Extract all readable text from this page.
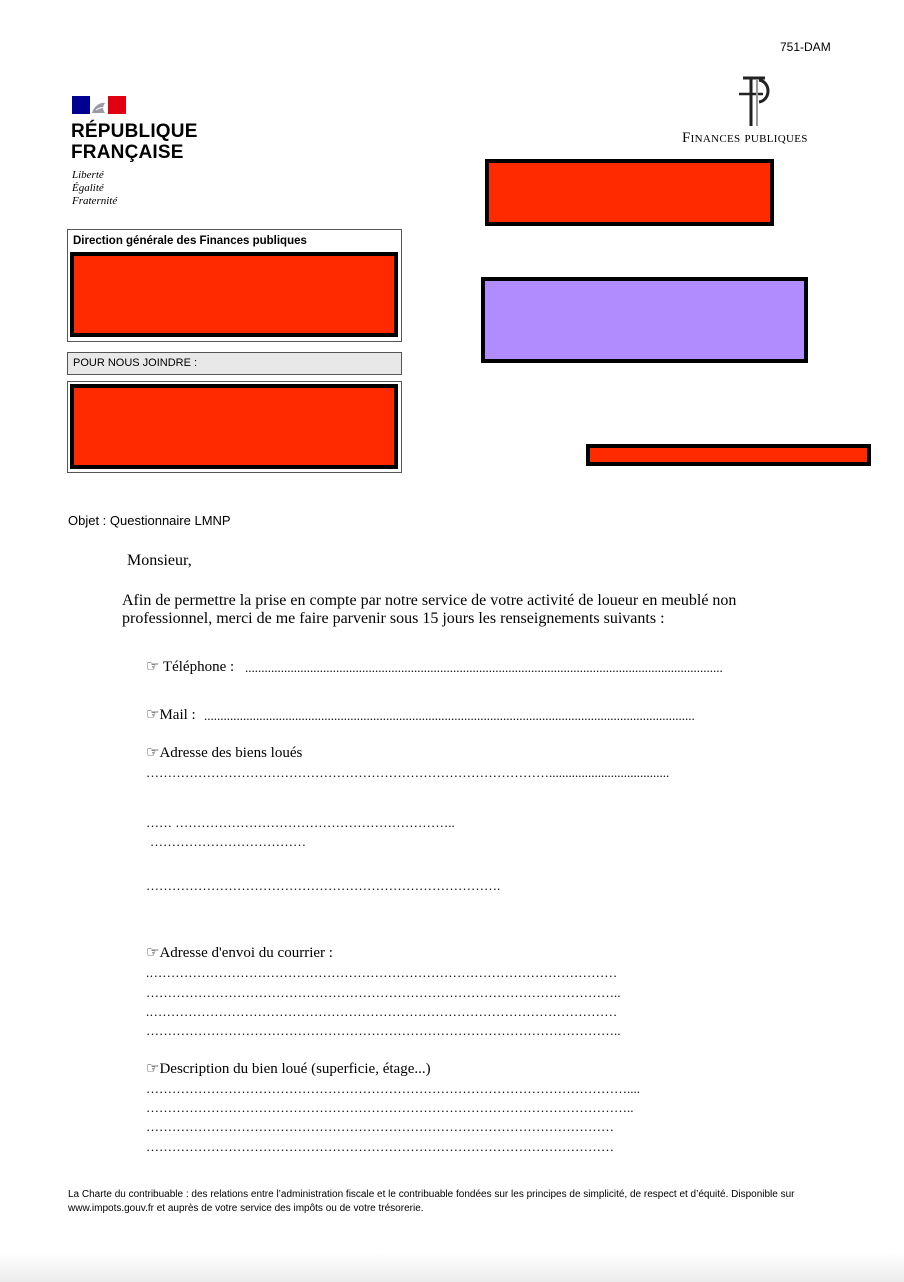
751-DAM
RÉPUBLIQUE
FRANÇAISE
Liberté
Égalité
Fraternité
Finances publiques
Direction générale des Finances publiques
POUR NOUS JOINDRE :
Objet : Questionnaire LMNP
Monsieur,
Afin de permettre la prise en compte par notre service de votre activité de loueur en meublé non
professionnel, merci de me faire parvenir sous 15 jours les renseignements suivants :
☞ Téléphone : ...................................................................................................................................................
☞Mail : .......................................................................................................................................................
☞Adresse des biens loués
………………………………………………………………………………….....................................
…… ………………………………………………………..
………………………………
……………………………………………………………………….
☞Adresse d'envoi du courrier :
.………………………………………………………………………………………………
………………………………………………………………………………………………..
.………………………………………………………………………………………………
………………………………………………………………………………………………..
☞Description du bien loué (superficie, étage...)
…………………………………………………………………………………………………....
…………………………………………………………………………………………………..
………………………………………………………………………………………………
………………………………………………………………………………………………
La Charte du contribuable : des relations entre l’administration fiscale et le contribuable fondées sur les principes de simplicité, de respect et d’équité. Disponible sur www.impots.gouv.fr et auprès de votre service des impôts ou de votre trésorerie.
